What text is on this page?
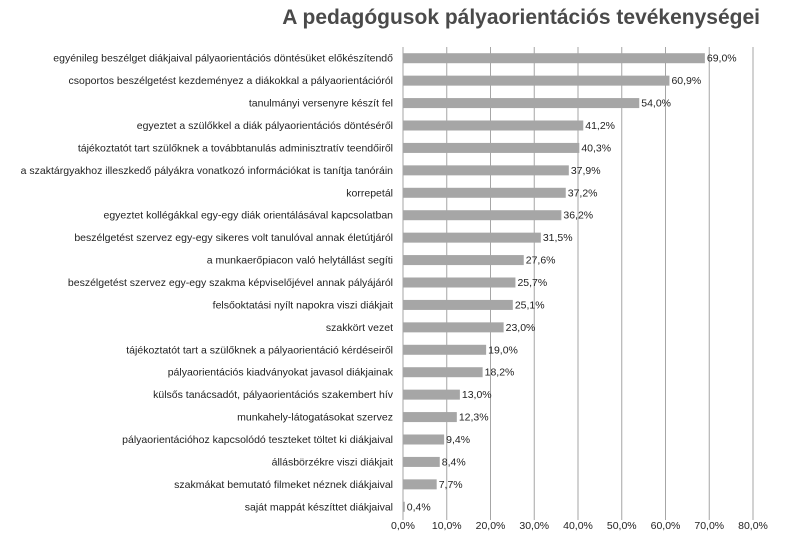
A pedagógusok pályaorientációs tevékenységei
egyénileg beszélget diákjaival pályaorientációs döntésüket előkészítendő	69,0%
csoportos beszélgetést kezdeményez a diákokkal a pályaorientációról	60,9%
tanulmányi versenyre készít fel	54,0%
egyeztet a szülőkkel a diák pályaorientációs döntéséről	41,2%
tájékoztatót tart szülőknek a továbbtanulás adminisztratív teendőiről	40,3%
a szaktárgyakhoz illeszkedő pályákra vonatkozó információkat is tanítja tanóráin	37,9%
korrepetál	37,2%
egyeztet kollégákkal egy-egy diák orientálásával kapcsolatban	36,2%
beszélgetést szervez egy-egy sikeres volt tanulóval annak életútjáról	31,5%
a munkaerőpiacon való helytállást segíti	27,6%
beszélgetést szervez egy-egy szakma képviselőjével annak pályájáról	25,7%
felsőoktatási nyílt napokra viszi diákjait	25,1%
szakkört vezet	23,0%
tájékoztatót tart a szülőknek a pályaorientáció kérdéseiről	19,0%
pályaorientációs kiadványokat javasol diákjainak	18,2%
külsős tanácsadót, pályaorientációs szakembert hív	13,0%
munkahely-látogatásokat szervez	12,3%
pályaorientációhoz kapcsolódó teszteket töltet ki diákjaival	9,4%
állásbörzékre viszi diákjait	8,4%
szakmákat bemutató filmeket néznek diákjaival	7,7%
saját mappát készíttet diákjaival 0,4%
0,0% 10,0% 20,0% 30,0% 40,0% 50,0% 60,0% 70,0% 80,0%
